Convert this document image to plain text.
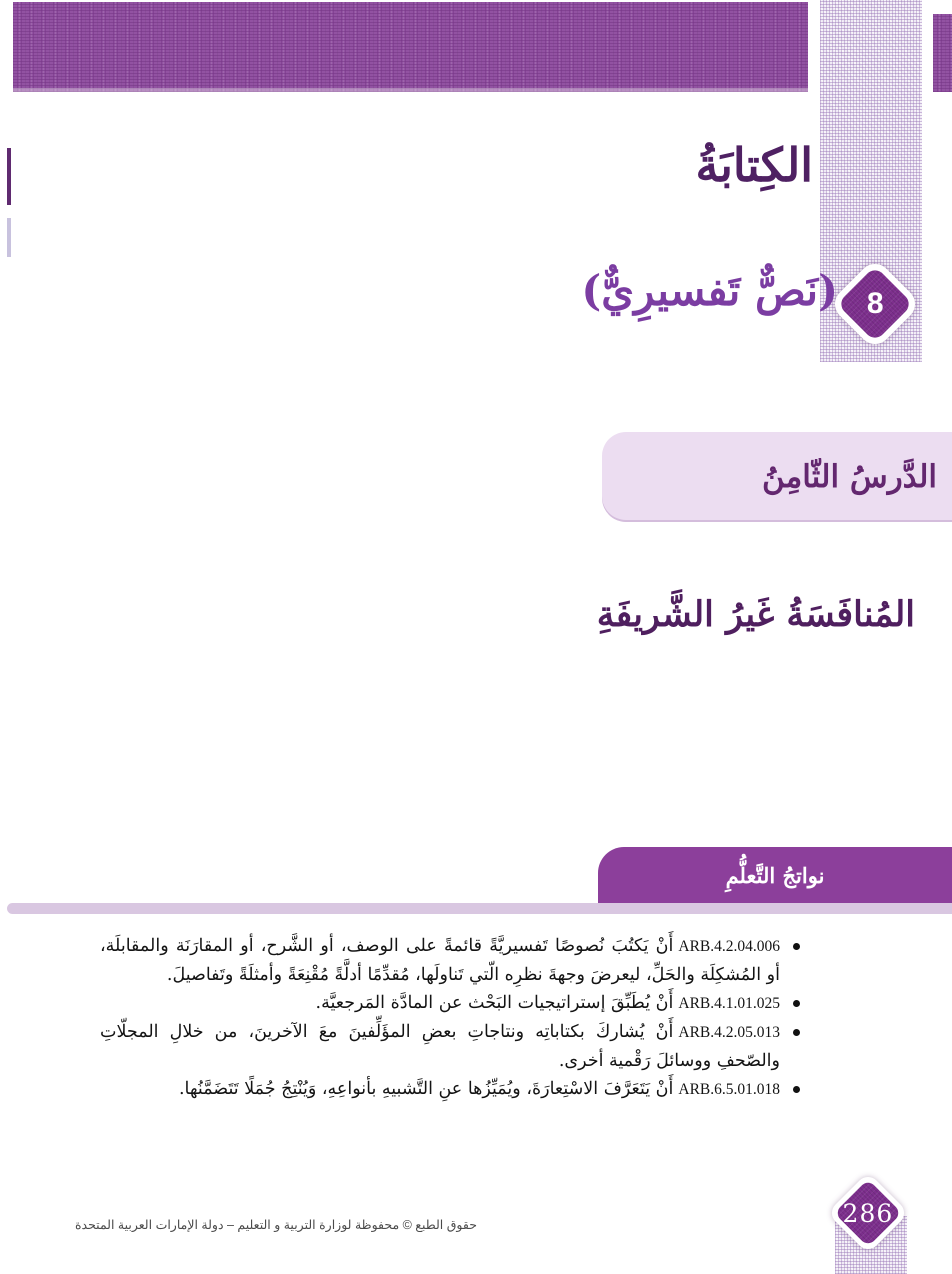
8
الكِتابَةُ
(نَصٌّ تَفسيرِيٌّ)
الدَّرسُ الثّامِنُ
المُنافَسَةُ غَيرُ الشَّريفَةِ
نواتجُ التَّعلُّمِ
ARB.4.2.04.006أَنْ يَكتُبَ نُصوصًا تَفسيريَّةً قائمةً على الوصف، أو الشَّرح، أو المقارَنَة والمقابلَة، أو المُشكِلَة والحَلِّ، ليعرضَ وجهةَ نظرِه الّتي تَناولَها، مُقدِّمًا أدلَّةً مُقْنِعَةً وأمثلَةً وتَفاصيلَ.
ARB.4.1.01.025أَنْ يُطَبِّقَ إستراتيجيات البَحْث عن المادَّة المَرجعيَّة.
ARB.4.2.05.013أَنْ يُشاركَ بكتاباتِه ونتاجاتِ بعضِ المؤَلِّفينَ معَ الآخرينَ، من خلالِ المجلّاتِ والصّحفِ ووسائلَ رَقْمية أخرى.
ARB.6.5.01.018أَنْ يَتَعَرَّفَ الاسْتِعارَةَ، ويُمَيِّزُها عنِ التَّشبيهِ بأنواعِهِ، وَيُنْتِجُ جُمَلًا تَتَضَمَّنُها.
حقوق الطبع © محفوظة لوزارة التربية و التعليم – دولة الإمارات العربية المتحدة	286
